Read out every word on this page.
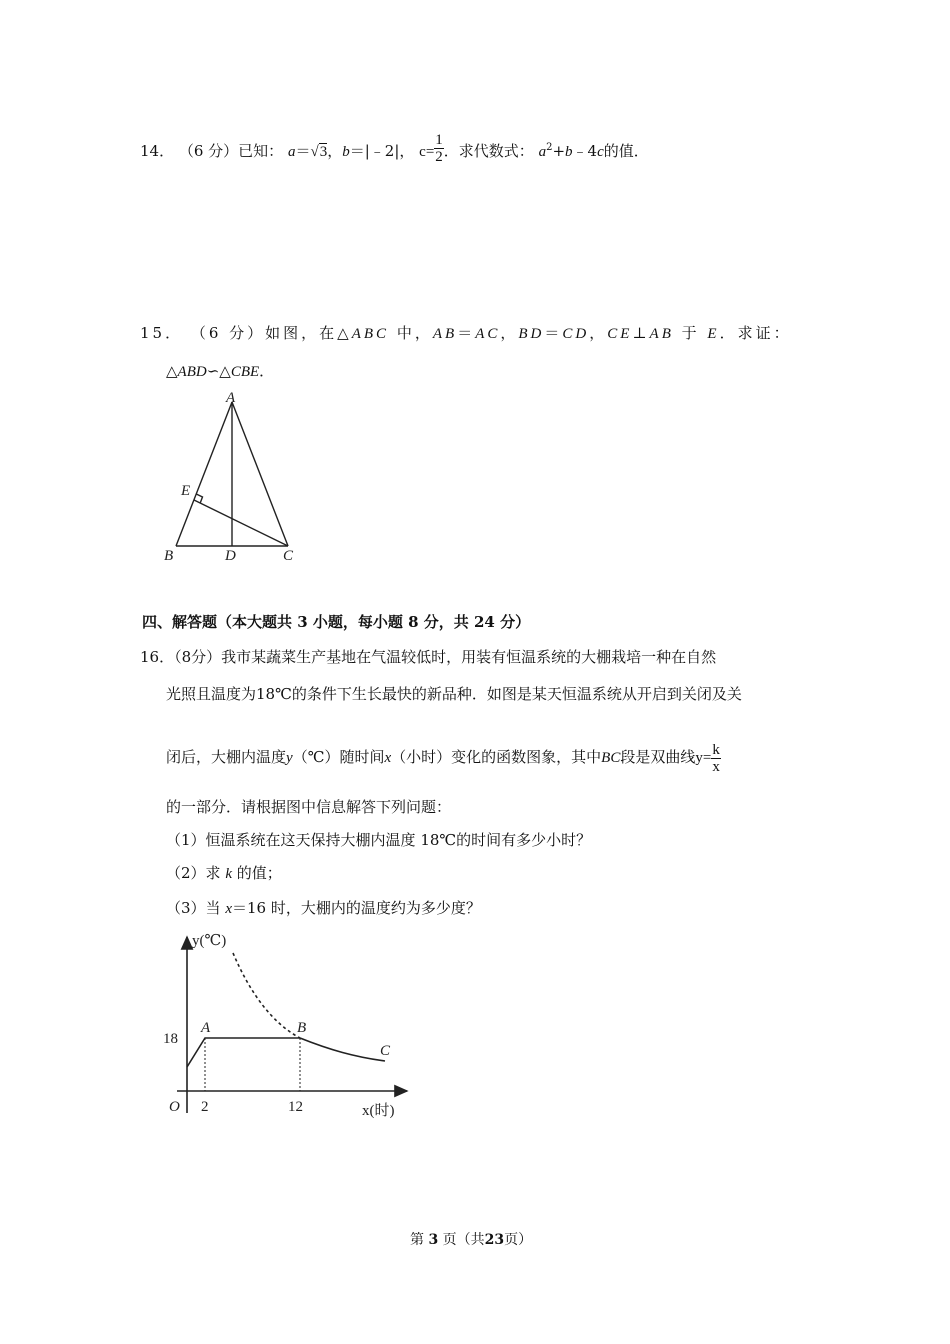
14． （6 分）已知： a＝√3，b＝|﹣2|， $c= \frac{1}{2}$ ．求代数式： $a^2+b﹣4c$的值．
15． （6 分）如图，在△ABC 中，AB＝AC，BD＝CD，CE⊥AB 于 E．求证：
△ABD∽△CBE．
A
B	C
D
E
四、解答题（本大题共 3 小题，每小题 8 分，共 24 分）
16．（8分）我市某蔬菜生产基地在气温较低时，用装有恒温系统的大棚栽培一种在自然
光照且温度为18℃的条件下生长最快的新品种．如图是某天恒温系统从开启到关闭及关
闭后，大棚内温度y（℃）随时间x（小时）变化的函数图象，其中BC段是双曲线$y= \frac{k}{x}$
的一部分．请根据图中信息解答下列问题：
（1）恒温系统在这天保持大棚内温度 18℃的时间有多少小时？
（2）求 k 的值；
（3）当 x＝16 时，大棚内的温度约为多少度？
y(℃)
x(时)
O
18
2	12
A	B
C
第 3 页（共23页）
